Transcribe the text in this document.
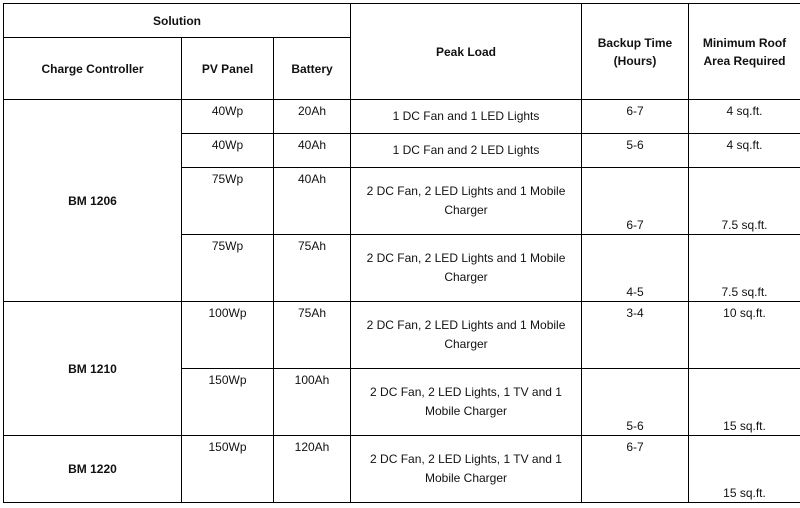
Solution			Peak Load	Backup Time (Hours)	Minimum Roof Area Required
Charge Controller	PV Panel	Battery			
BM 1206	40Wp	20Ah	1 DC Fan and 1 LED Lights	6-7	4 sq.ft.
	40Wp	40Ah	1 DC Fan and 2 LED Lights	5-6	4 sq.ft.
	75Wp	40Ah	2 DC Fan, 2 LED Lights and 1 Mobile Charger	6-7	7.5 sq.ft.
	75Wp	75Ah	2 DC Fan, 2 LED Lights and 1 Mobile Charger	4-5	7.5 sq.ft.
BM 1210	100Wp	75Ah	2 DC Fan, 2 LED Lights and 1 Mobile Charger	3-4	10 sq.ft.
	150Wp	100Ah	2 DC Fan, 2 LED Lights, 1 TV and 1 Mobile Charger	5-6	15 sq.ft.
BM 1220	150Wp	120Ah	2 DC Fan, 2 LED Lights, 1 TV and 1 Mobile Charger	6-7	15 sq.ft.
